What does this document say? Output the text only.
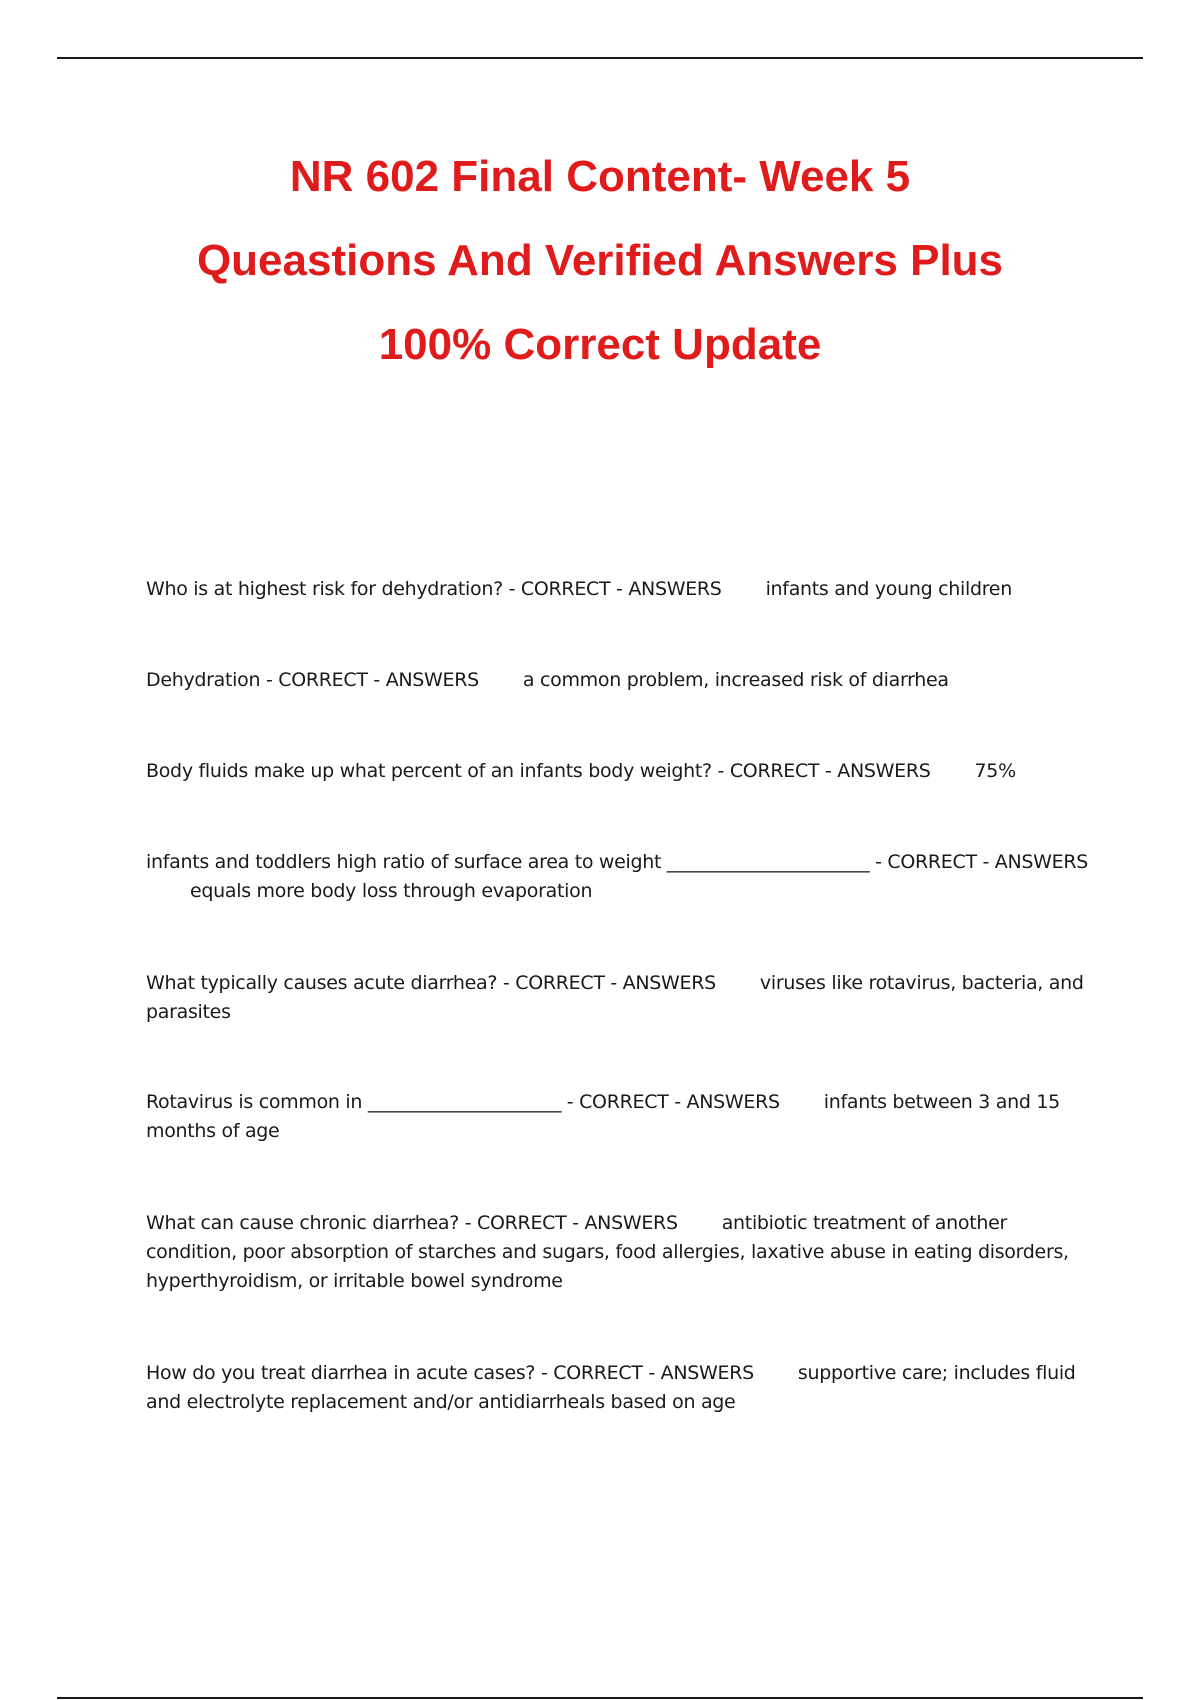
NR 602 Final Content- Week 5
Queastions And Verified Answers Plus
100% Correct Update

Who is at highest risk for dehydration? - CORRECT - ANSWERS infants and young children

Dehydration - CORRECT - ANSWERS a common problem, increased risk of diarrhea

Body fluids make up what percent of an infants body weight? - CORRECT - ANSWERS 75%

infants and toddlers high ratio of surface area to weight ______________________ - CORRECT - ANSWERSequals more body loss through evaporation

What typically causes acute diarrhea? - CORRECT - ANSWERS viruses like rotavirus, bacteria, and parasites

Rotavirus is common in _____________________ - CORRECT - ANSWERS infants between 3 and 15 months of age

What can cause chronic diarrhea? - CORRECT - ANSWERS antibiotic treatment of another condition, poor absorption of starches and sugars, food allergies, laxative abuse in eating disorders, hyperthyroidism, or irritable bowel syndrome

How do you treat diarrhea in acute cases? - CORRECT - ANSWERS supportive care; includes fluid and electrolyte replacement and/or antidiarrheals based on age
